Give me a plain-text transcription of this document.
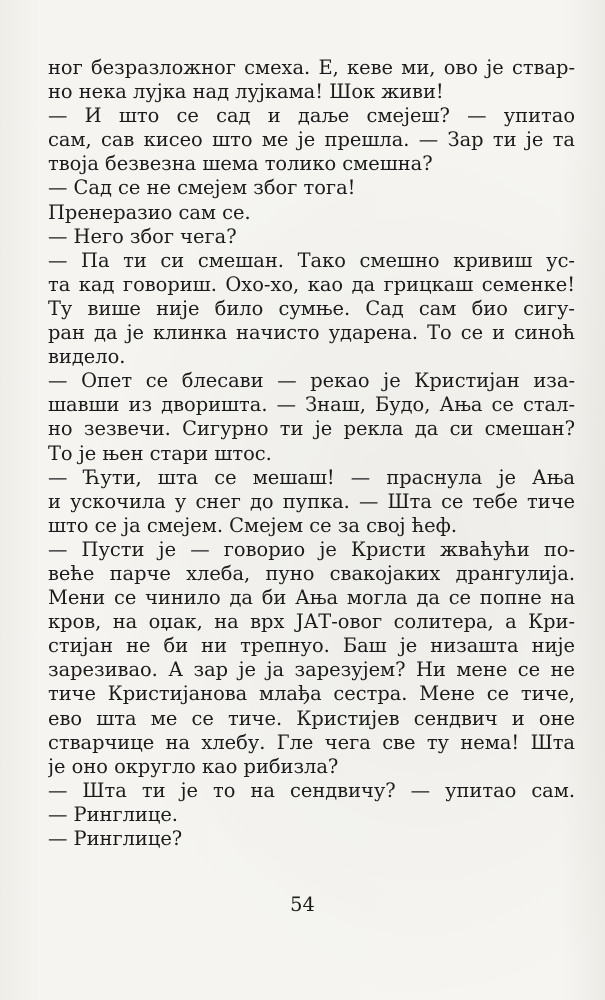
ног безразложног смеха. Е, кеве ми, ово је ствар-
но нека лујка над лујкама! Шок живи!
— И што се сад и даље смејеш? — упитао
сам, сав кисео што ме је прешла. — Зар ти је та
твоја безвезна шема толико смешна?
— Сад се не смејем због тога!
Пренеразио сам се.
— Него због чега?
— Па ти си смешан. Тако смешно кривиш ус-
та кад говориш. Охо-хо, као да грицкаш семенке!
Ту више није било сумње. Сад сам био сигу-
ран да је клинка начисто ударена. То се и синоћ
видело.
— Опет се блесави — рекао је Кристијан иза-
шавши из дворишта. — Знаш, Будо, Ања се стал-
но зезвечи. Сигурно ти је рекла да си смешан?
То је њен стари штос.
— Ћути, шта се мешаш! — праснула је Ања
и ускочила у снег до пупка. — Шта се тебе тиче
што се ја смејем. Смејем се за свој ћеф.
— Пусти је — говорио је Кристи жваћући по-
веће парче хлеба, пуно свакојаких дрангулија.
Мени се чинило да би Ања могла да се попне на
кров, на оџак, на врх ЈАТ-овог солитера, а Кри-
стијан не би ни трепнуо. Баш је низашта није
зарезивао. А зар је ја зарезујем? Ни мене се не
тиче Кристијанова млађа сестра. Мене се тиче,
ево шта ме се тиче. Кристијев сендвич и оне
стварчице на хлебу. Гле чега све ту нема! Шта
је оно округло као рибизла?
— Шта ти је то на сендвичу? — упитао сам.
— Ринглице.
— Ринглице?
54
